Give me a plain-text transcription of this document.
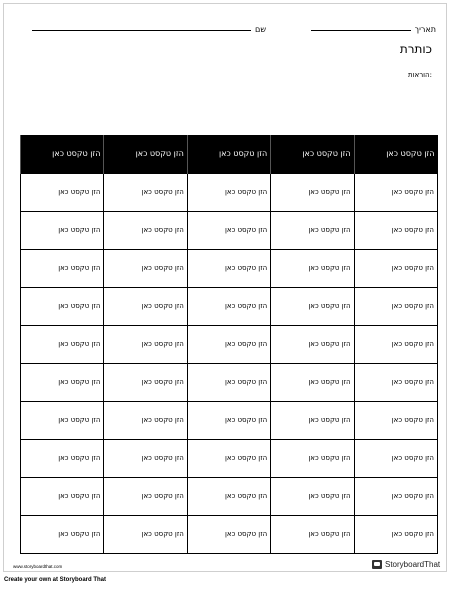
תאריך
שם
כותרת
:הוראות
הזן טקסט כאן	הזן טקסט כאן	הזן טקסט כאן	הזן טקסט כאן	הזן טקסט כאן
הזן טקסט כאן	הזן טקסט כאן	הזן טקסט כאן	הזן טקסט כאן	הזן טקסט כאן
הזן טקסט כאן	הזן טקסט כאן	הזן טקסט כאן	הזן טקסט כאן	הזן טקסט כאן
הזן טקסט כאן	הזן טקסט כאן	הזן טקסט כאן	הזן טקסט כאן	הזן טקסט כאן
הזן טקסט כאן	הזן טקסט כאן	הזן טקסט כאן	הזן טקסט כאן	הזן טקסט כאן
הזן טקסט כאן	הזן טקסט כאן	הזן טקסט כאן	הזן טקסט כאן	הזן טקסט כאן
הזן טקסט כאן	הזן טקסט כאן	הזן טקסט כאן	הזן טקסט כאן	הזן טקסט כאן
הזן טקסט כאן	הזן טקסט כאן	הזן טקסט כאן	הזן טקסט כאן	הזן טקסט כאן
הזן טקסט כאן	הזן טקסט כאן	הזן טקסט כאן	הזן טקסט כאן	הזן טקסט כאן
הזן טקסט כאן	הזן טקסט כאן	הזן טקסט כאן	הזן טקסט כאן	הזן טקסט כאן
הזן טקסט כאן	הזן טקסט כאן	הזן טקסט כאן	הזן טקסט כאן	הזן טקסט כאן
www.storyboardthat.com	StoryboardThat
Create your own at Storyboard That
